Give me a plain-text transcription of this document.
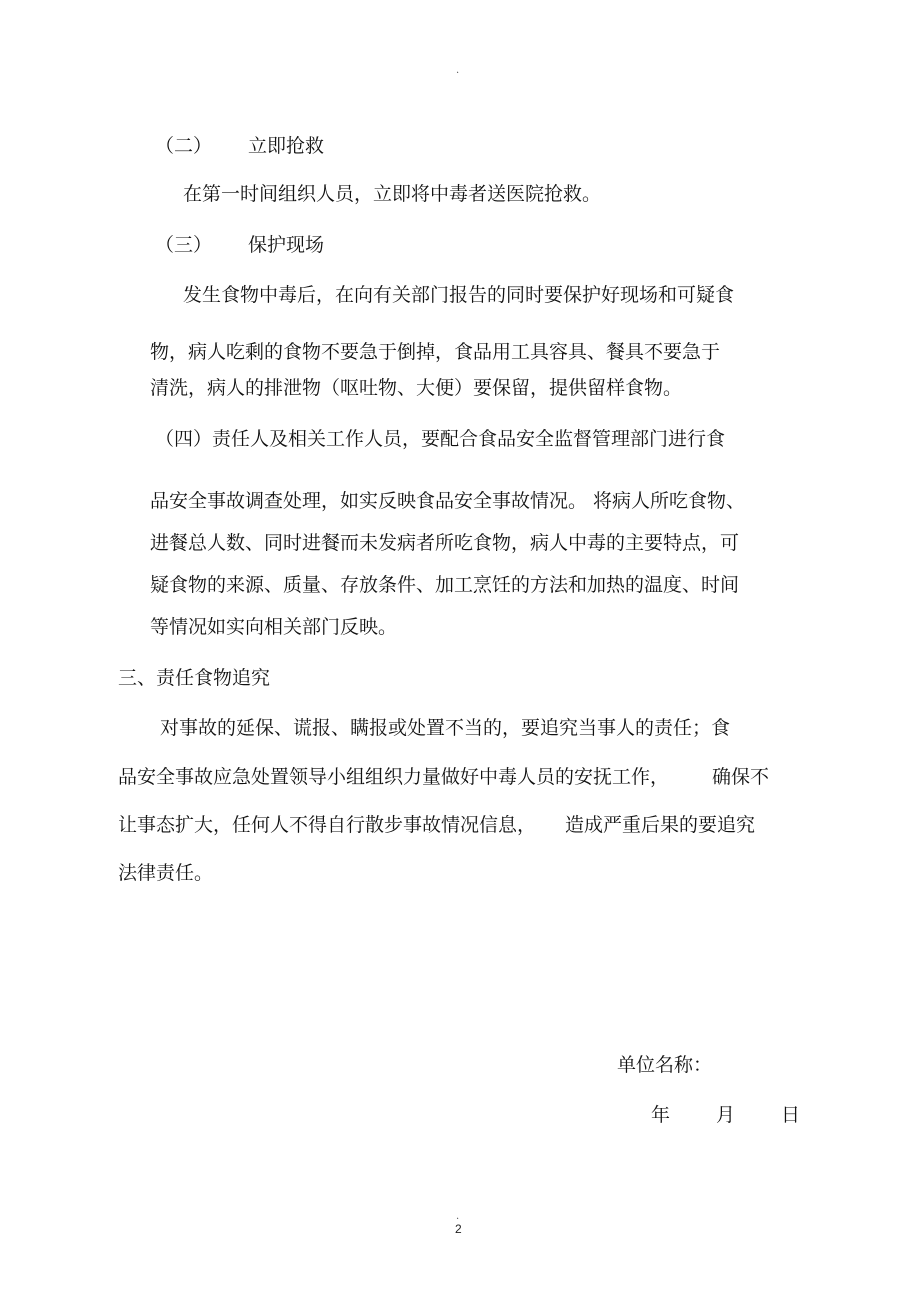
.
（二） 立即抢救
在第一时间组织人员，立即将中毒者送医院抢救。
（三） 保护现场
发生食物中毒后，在向有关部门报告的同时要保护好现场和可疑食
物，病人吃剩的食物不要急于倒掉，食品用工具容具、餐具不要急于
清洗，病人的排泄物（呕吐物、大便）要保留，提供留样食物。
（四）责任人及相关工作人员，要配合食品安全监督管理部门进行食
品安全事故调查处理，如实反映食品安全事故情况。 将病人所吃食物、
进餐总人数、同时进餐而未发病者所吃食物，病人中毒的主要特点，可
疑食物的来源、质量、存放条件、加工烹饪的方法和加热的温度、时间
等情况如实向相关部门反映。
三、责任食物追究
对事故的延保、谎报、瞒报或处置不当的，要追究当事人的责任；食
品安全事故应急处置领导小组组织力量做好中毒人员的安抚工作， 确保不
让事态扩大，任何人不得自行散步事故情况信息， 造成严重后果的要追究
法律责任。
单位名称：
年 月 日
.
2
